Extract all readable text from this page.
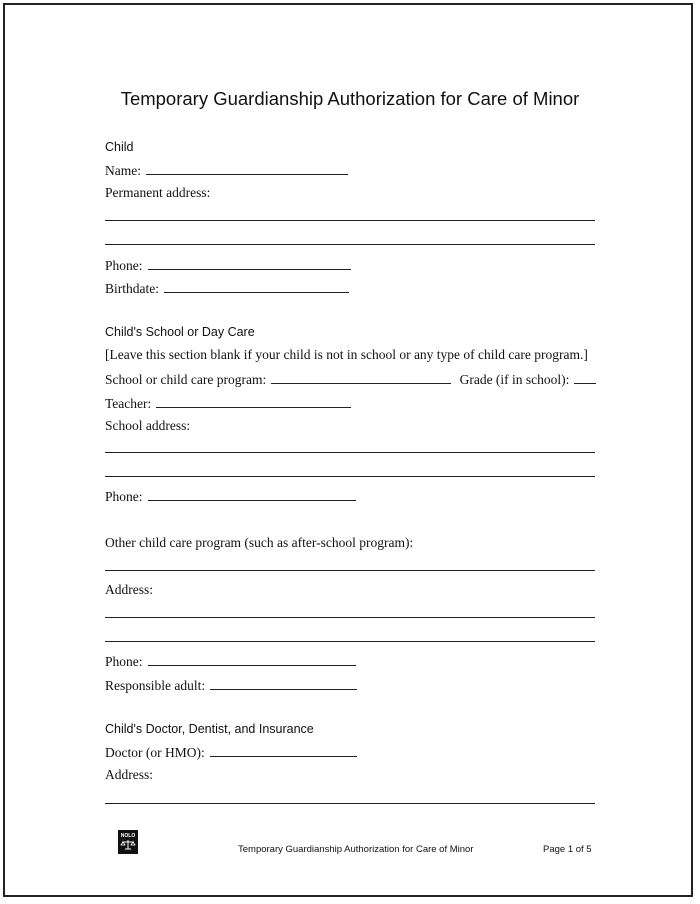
Temporary Guardianship Authorization for Care of Minor
Child
Name:
Permanent address:
Phone:
Birthdate:
Child's School or Day Care
[Leave this section blank if your child is not in school or any type of child care program.]
School or child care program:	Grade (if in school):
Teacher:
School address:
Phone:
Other child care program (such as after-school program):
Address:
Phone:
Responsible adult:
Child's Doctor, Dentist, and Insurance
Doctor (or HMO):
Address:
NOLO
Temporary Guardianship Authorization for Care of Minor	Page 1 of 5
